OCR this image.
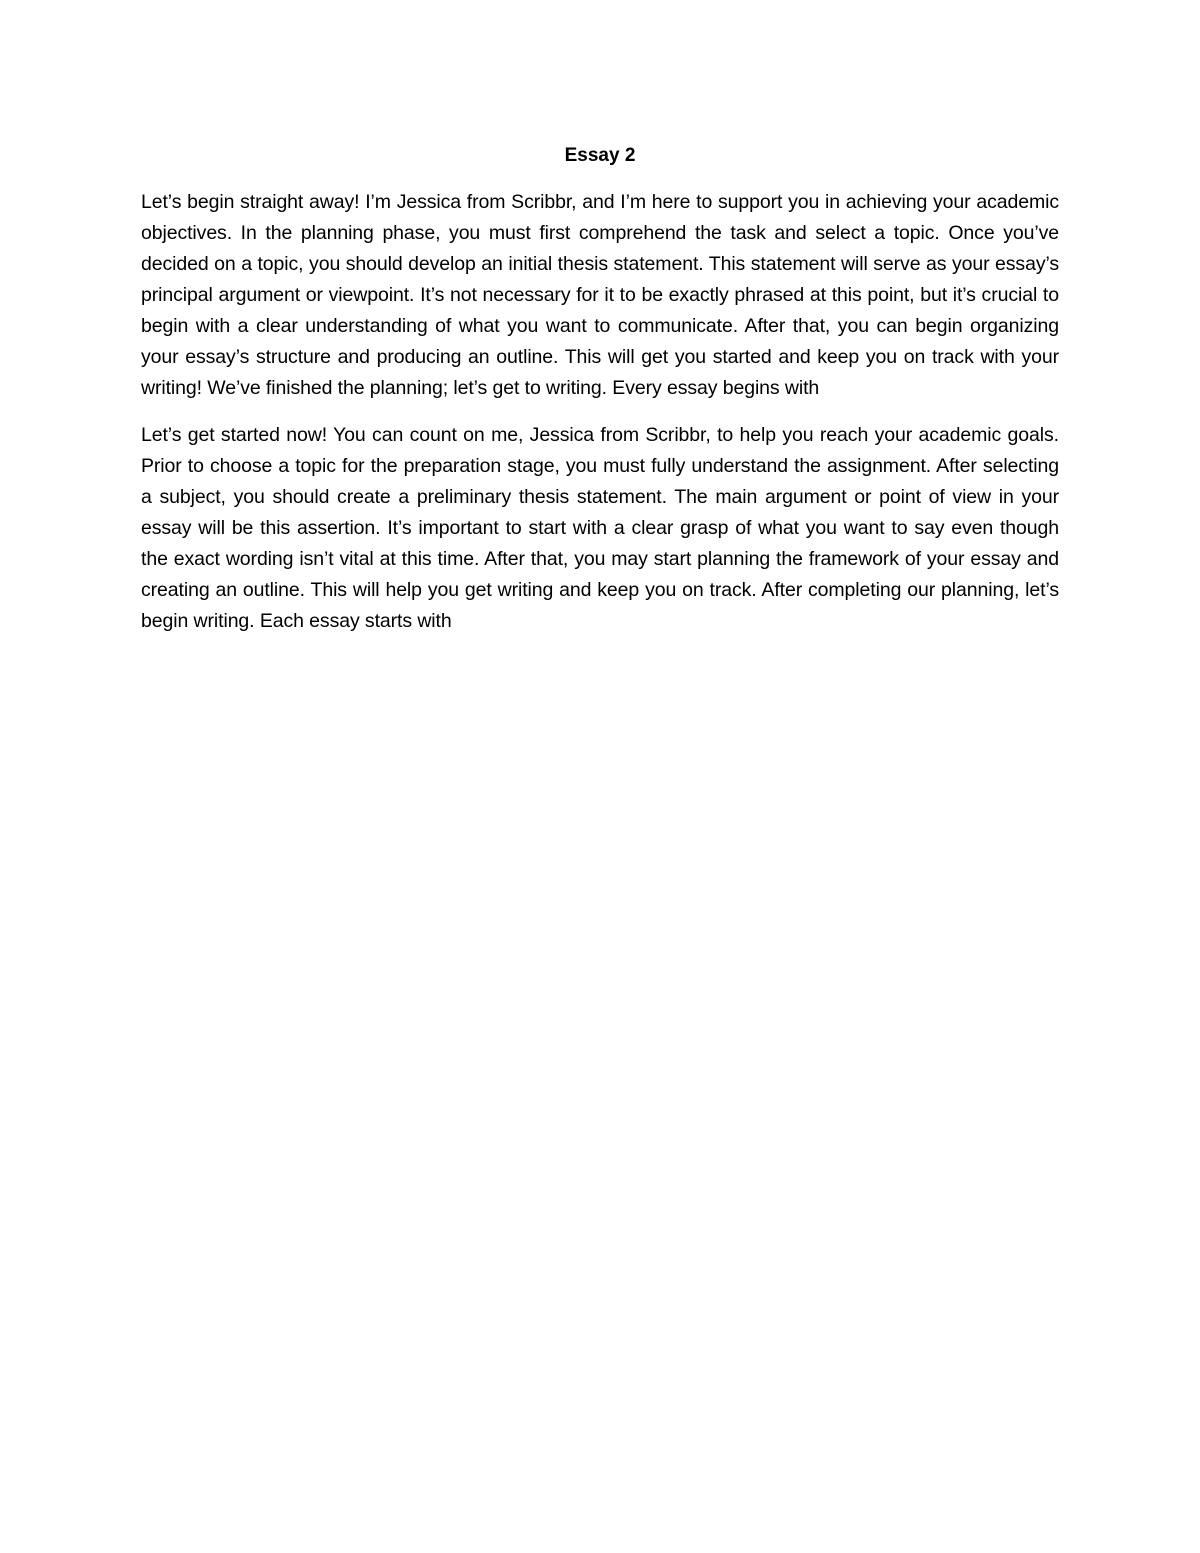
Essay 2

Let’s begin straight away! I’m Jessica from Scribbr, and I’m here to support you in achieving your academic objectives. In the planning phase, you must first comprehend the task and select a topic. Once you’ve decided on a topic, you should develop an initial thesis statement. This statement will serve as your essay’s principal argument or viewpoint. It’s not necessary for it to be exactly phrased at this point, but it’s crucial to begin with a clear understanding of what you want to communicate. After that, you can begin organizing your essay’s structure and producing an outline. This will get you started and keep you on track with your writing! We’ve finished the planning; let’s get to writing. Every essay begins with

Let’s get started now! You can count on me, Jessica from Scribbr, to help you reach your academic goals. Prior to choose a topic for the preparation stage, you must fully understand the assignment. After selecting a subject, you should create a preliminary thesis statement. The main argument or point of view in your essay will be this assertion. It’s important to start with a clear grasp of what you want to say even though the exact wording isn’t vital at this time. After that, you may start planning the framework of your essay and creating an outline. This will help you get writing and keep you on track. After completing our planning, let’s begin writing. Each essay starts with
